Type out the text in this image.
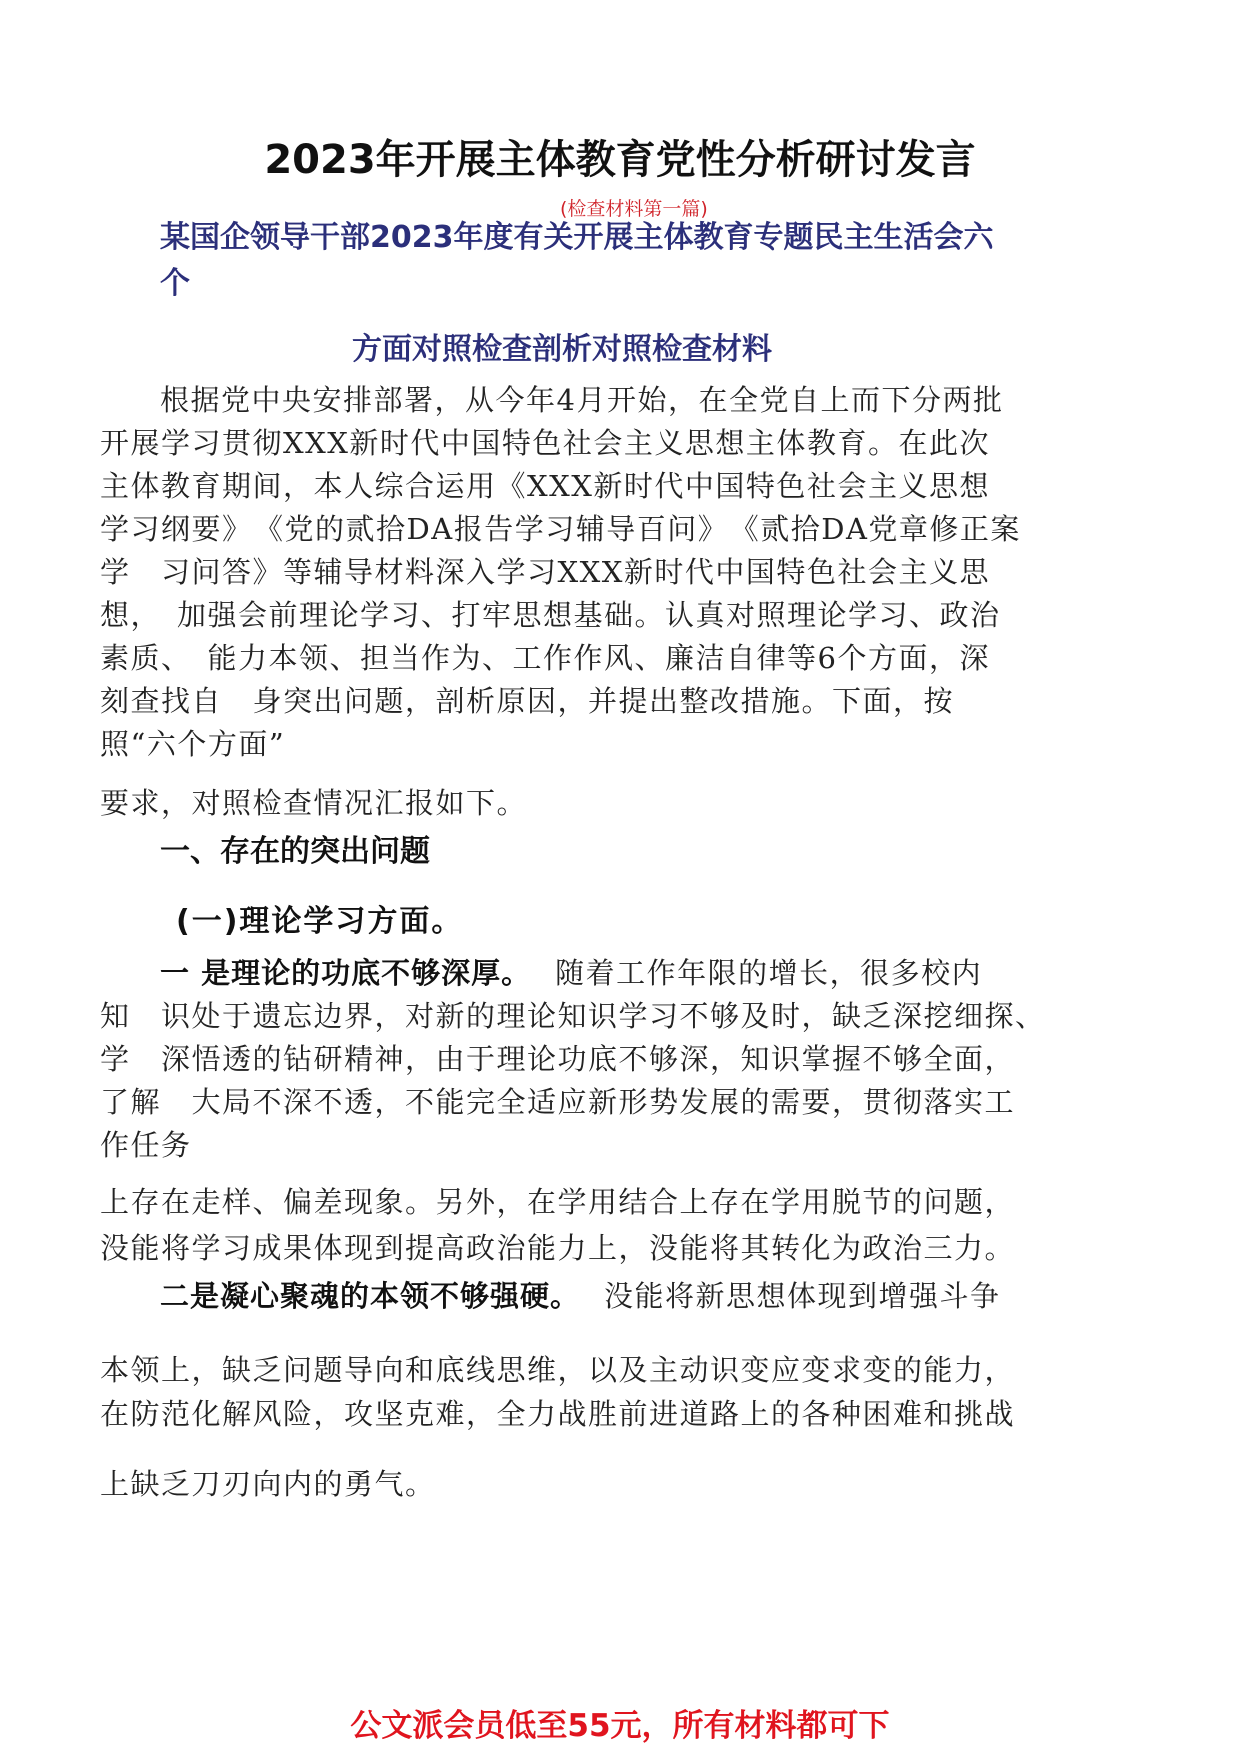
2023年开展主体教育党性分析研讨发言
(检查材料第一篇)
某国企领导干部2023年度有关开展主体教育专题民主生活会六
个
方面对照检查剖析对照检查材料
根据党中央安排部署，从今年4月开始，在全党自上而下分两批
开展学习贯彻XXX新时代中国特色社会主义思想主体教育。在此次
主体教育期间，本人综合运用《XXX新时代中国特色社会主义思想
学习纲要》　《党的贰拾DA报告学习辅导百问》　《贰拾DA党章修正案
学　习问答》等辅导材料深入学习XXX新时代中国特色社会主义思
想，　加强会前理论学习、打牢思想基础。认真对照理论学习、政治
素质、　能力本领、担当作为、工作作风、廉洁自律等6个方面，深
刻查找自　身突出问题，剖析原因，并提出整改措施。下面，按
照“六个方面”
要求，对照检查情况汇报如下。
一、存在的突出问题
(一)理论学习方面。
一 是理论的功底不够深厚。 随着工作年限的增长，很多校内
知　识处于遗忘边界，对新的理论知识学习不够及时，缺乏深挖细探、
学　深悟透的钻研精神，由于理论功底不够深，知识掌握不够全面，
了解　大局不深不透，不能完全适应新形势发展的需要，贯彻落实工
作任务
上存在走样、偏差现象。另外，在学用结合上存在学用脱节的问题，
没能将学习成果体现到提高政治能力上，没能将其转化为政治三力。
二是凝心聚魂的本领不够强硬。 没能将新思想体现到增强斗争
本领上，缺乏问题导向和底线思维，以及主动识变应变求变的能力，
在防范化解风险，攻坚克难，全力战胜前进道路上的各种困难和挑战
上缺乏刀刃向内的勇气。
公文派会员低至55元，所有材料都可下
